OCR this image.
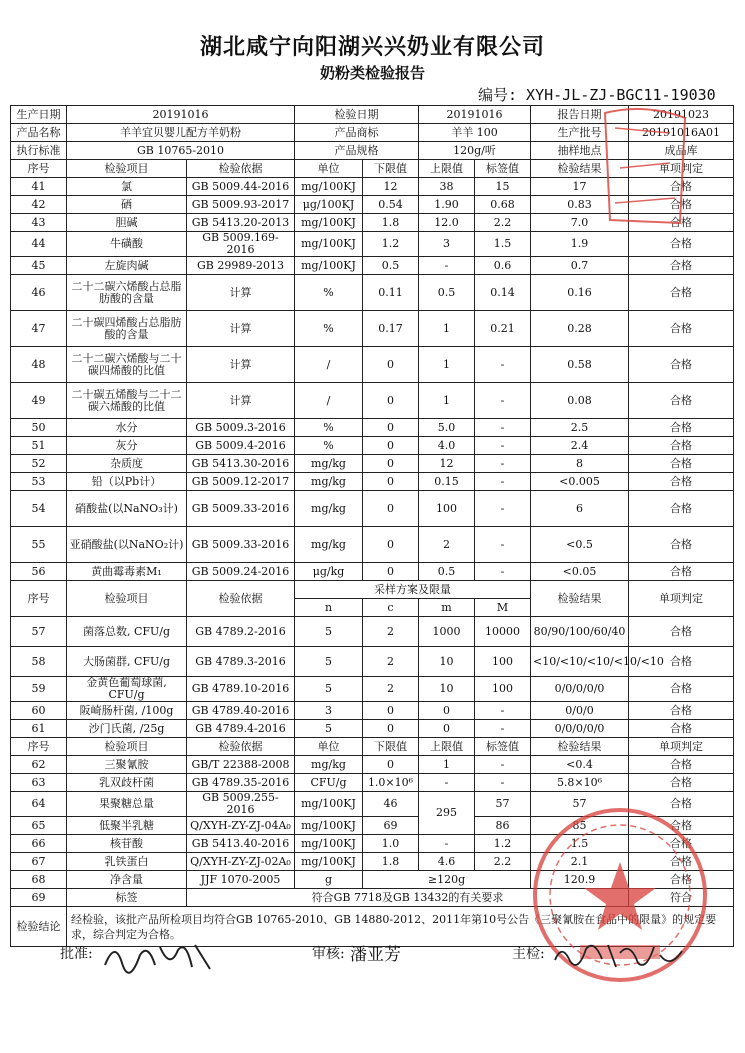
湖北咸宁向阳湖兴兴奶业有限公司
奶粉类检验报告
编号: XYH-JL-ZJ-BGC11-19030
生产日期	20191016		检验日期		20191016		报告日期	20191023
产品名称	羊羊宜贝婴儿配方羊奶粉		产品商标		羊羊 100		生产批号	20191016A01
执行标准	GB 10765-2010		产品规格		120g/听		抽样地点	成品库
序号	检验项目	检验依据	单位	下限值	上限值	标签值	检验结果	单项判定
41	氯	GB 5009.44-2016	mg/100KJ	12	38	15	17	合格
42	硒	GB 5009.93-2017	μg/100KJ	0.54	1.90	0.68	0.83	合格
43	胆碱	GB 5413.20-2013	mg/100KJ	1.8	12.0	2.2	7.0	合格
44	牛磺酸	GB 5009.169-2016	mg/100KJ	1.2	3	1.5	1.9	合格
45	左旋肉碱	GB 29989-2013	mg/100KJ	0.5	-	0.6	0.7	合格
46	二十二碳六烯酸占总脂肪酸的含量	计算	%	0.11	0.5	0.14	0.16	合格
47	二十碳四烯酸占总脂肪酸的含量	计算	%	0.17	1	0.21	0.28	合格
48	二十二碳六烯酸与二十碳四烯酸的比值	计算	/	0	1	-	0.58	合格
49	二十碳五烯酸与二十二碳六烯酸的比值	计算	/	0	1	-	0.08	合格
50	水分	GB 5009.3-2016	%	0	5.0	-	2.5	合格
51	灰分	GB 5009.4-2016	%	0	4.0	-	2.4	合格
52	杂质度	GB 5413.30-2016	mg/kg	0	12	-	8	合格
53	铅（以Pb计）	GB 5009.12-2017	mg/kg	0	0.15	-	<0.005	合格
54	硝酸盐(以NaNO₃计)	GB 5009.33-2016	mg/kg	0	100	-	6	合格
55	亚硝酸盐(以NaNO₂计)	GB 5009.33-2016	mg/kg	0	2	-	<0.5	合格
56	黄曲霉毒素M₁	GB 5009.24-2016	μg/kg	0	0.5	-	<0.05	合格
序号	检验项目	检验依据	采样方案及限量				检验结果	单项判定
			n	c	m	M		
57	菌落总数, CFU/g	GB 4789.2-2016	5	2	1000	10000	80/90/100/60/40	合格
58	大肠菌群, CFU/g	GB 4789.3-2016	5	2	10	100	<10/<10/<10/<10/<10	合格
59	金黄色葡萄球菌, CFU/g	GB 4789.10-2016	5	2	10	100	0/0/0/0/0	合格
60	阪崎肠杆菌, /100g	GB 4789.40-2016	3	0	0	-	0/0/0	合格
61	沙门氏菌, /25g	GB 4789.4-2016	5	0	0	-	0/0/0/0/0	合格
序号	检验项目	检验依据	单位	下限值	上限值	标签值	检验结果	单项判定
62	三聚氰胺	GB/T 22388-2008	mg/kg	0	1	-	<0.4	合格
63	乳双歧杆菌	GB 4789.35-2016	CFU/g	1.0×10⁶	-	-	5.8×10⁶	合格
64	果聚糖总量	GB 5009.255-2016	mg/100KJ	46	295	57	57	合格
65	低聚半乳糖	Q/XYH-ZY-ZJ-04A₀	mg/100KJ	69		86	85	合格
66	核苷酸	GB 5413.40-2016	mg/100KJ	1.0	-	1.2	1.5	合格
67	乳铁蛋白	Q/XYH-ZY-ZJ-02A₀	mg/100KJ	1.8	4.6	2.2	2.1	合格
68	净含量	JJF 1070-2005	g	≥120g			120.9	合格
69	标签	符合GB 7718及GB 13432的有关要求						符合
检验结论	经检验，该批产品所检项目均符合GB 10765-2010、GB 14880-2012、2011年第10号公告《三聚氰胺在食品中的限量》的规定要求，综合判定为合格。							
批准:	审核: 潘亚芳	主检:
